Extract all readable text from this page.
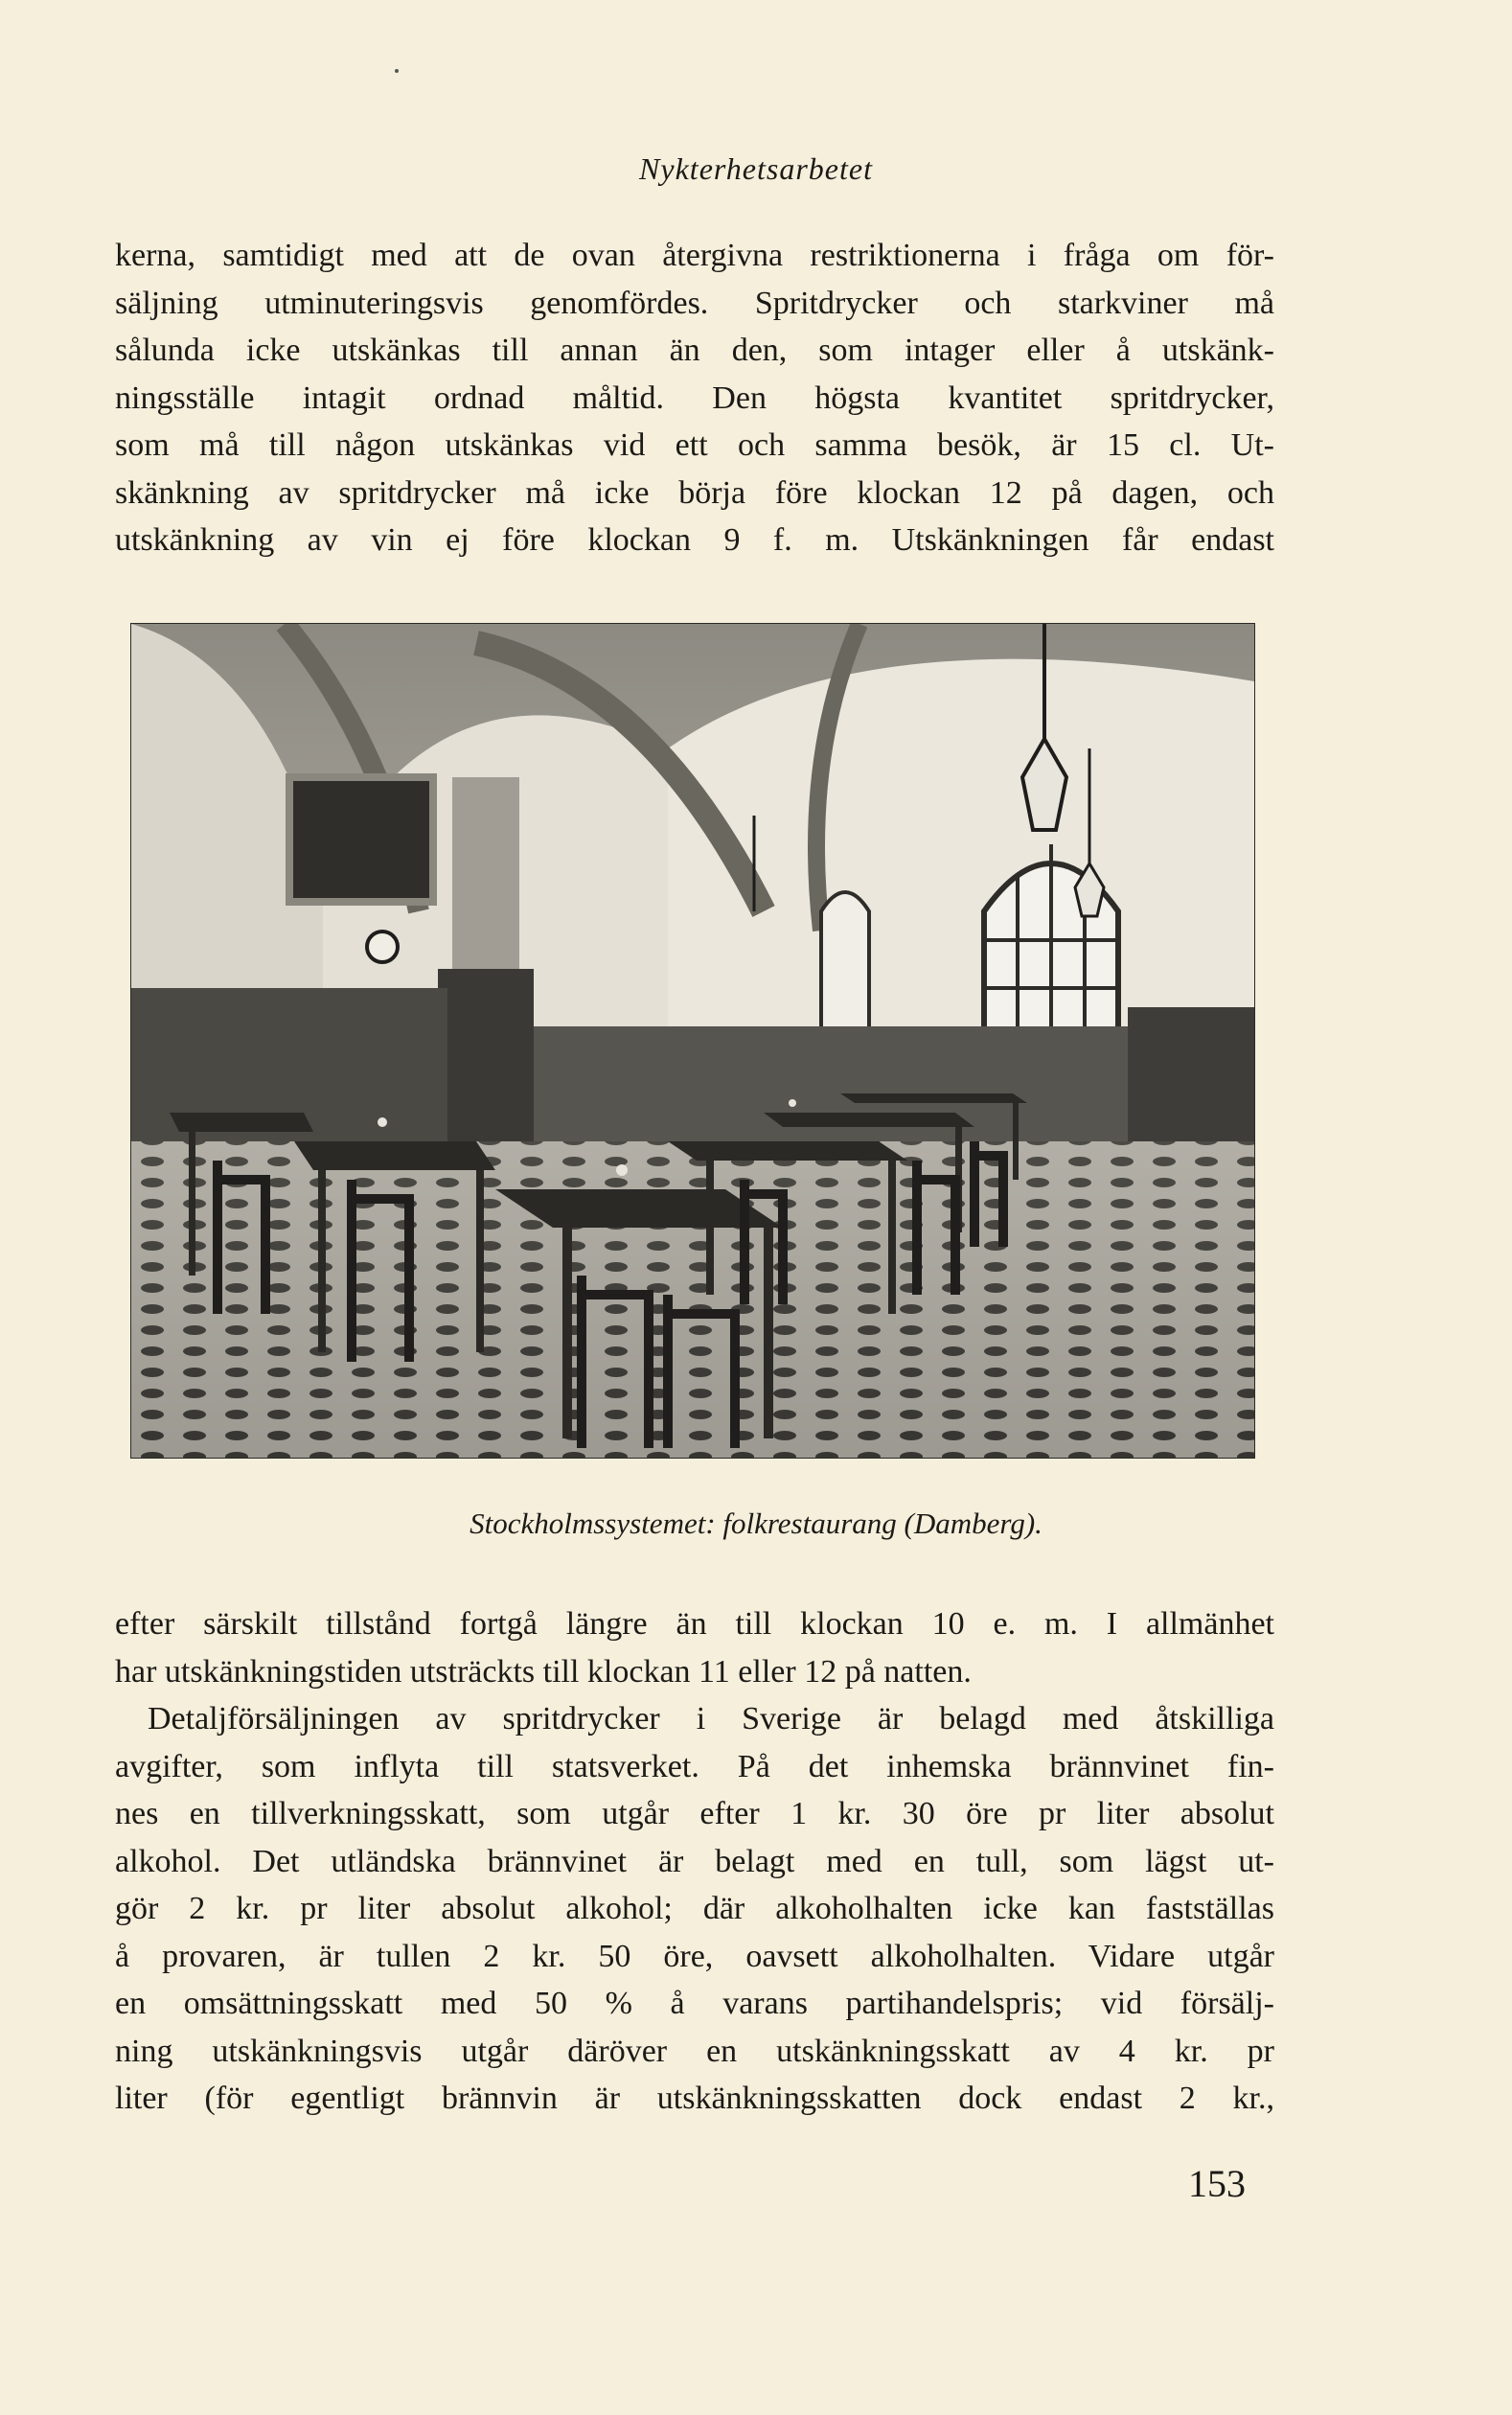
Nykterhetsarbetet
kerna, samtidigt med att de ovan återgivna restriktionerna i fråga om för-
säljning utminuteringsvis genomfördes. Spritdrycker och starkviner må
sålunda icke utskänkas till annan än den, som intager eller å utskänk-
ningsställe intagit ordnad måltid. Den högsta kvantitet spritdrycker,
som må till någon utskänkas vid ett och samma besök, är 15 cl. Ut-
skänkning av spritdrycker må icke börja före klockan 12 på dagen, och
utskänkning av vin ej före klockan 9 f. m. Utskänkningen får endast
Stockholmssystemet: folkrestaurang (Damberg).
efter särskilt tillstånd fortgå längre än till klockan 10 e. m. I allmänhet
har utskänkningstiden utsträckts till klockan 11 eller 12 på natten.
Detaljförsäljningen av spritdrycker i Sverige är belagd med åtskilliga
avgifter, som inflyta till statsverket. På det inhemska brännvinet fin-
nes en tillverkningsskatt, som utgår efter 1 kr. 30 öre pr liter absolut
alkohol. Det utländska brännvinet är belagt med en tull, som lägst ut-
gör 2 kr. pr liter absolut alkohol; där alkoholhalten icke kan fastställas
å provaren, är tullen 2 kr. 50 öre, oavsett alkoholhalten. Vidare utgår
en omsättningsskatt med 50 % å varans partihandelspris; vid försälj-
ning utskänkningsvis utgår däröver en utskänkningsskatt av 4 kr. pr
liter (för egentligt brännvin är utskänkningsskatten dock endast 2 kr.,
153
